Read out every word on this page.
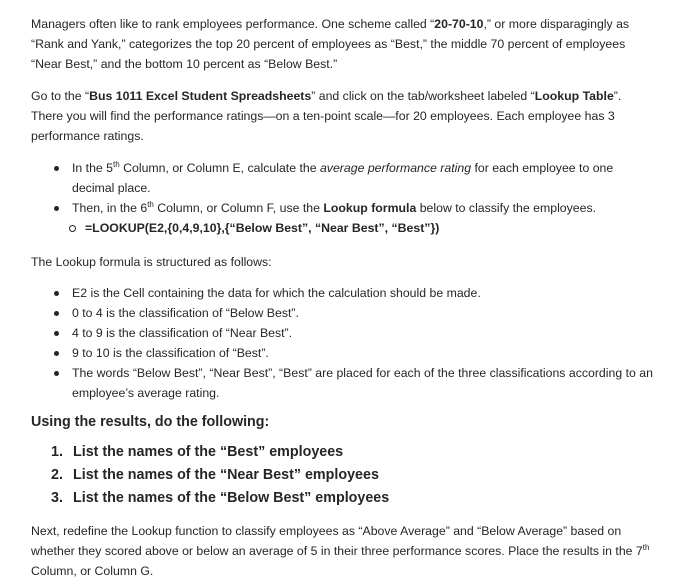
Managers often like to rank employees performance. One scheme called “20-70-10,” or more disparagingly as “Rank and Yank,” categorizes the top 20 percent of employees as “Best,” the middle 70 percent of employees “Near Best,” and the bottom 10 percent as “Below Best.”

Go to the “Bus 1011 Excel Student Spreadsheets” and click on the tab/worksheet labeled “Lookup Table”. There you will find the performance ratings—on a ten-point scale—for 20 employees. Each employee has 3 performance ratings.

In the 5th Column, or Column E, calculate the average performance rating for each employee to one decimal place.
Then, in the 6th Column, or Column F, use the Lookup formula below to classify the employees.
=LOOKUP(E2,{0,4,9,10},{“Below Best”, “Near Best”, “Best”})

The Lookup formula is structured as follows:

E2 is the Cell containing the data for which the calculation should be made.
0 to 4 is the classification of “Below Best”.
4 to 9 is the classification of “Near Best”.
9 to 10 is the classification of “Best”.
The words “Below Best”, “Near Best”, “Best” are placed for each of the three classifications according to an employee’s average rating.

Using the results, do the following:

1. List the names of the “Best” employees
2. List the names of the “Near Best” employees
3. List the names of the “Below Best” employees

Next, redefine the Lookup function to classify employees as “Above Average” and “Below Average” based on whether they scored above or below an average of 5 in their three performance scores. Place the results in the 7th Column, or Column G.
